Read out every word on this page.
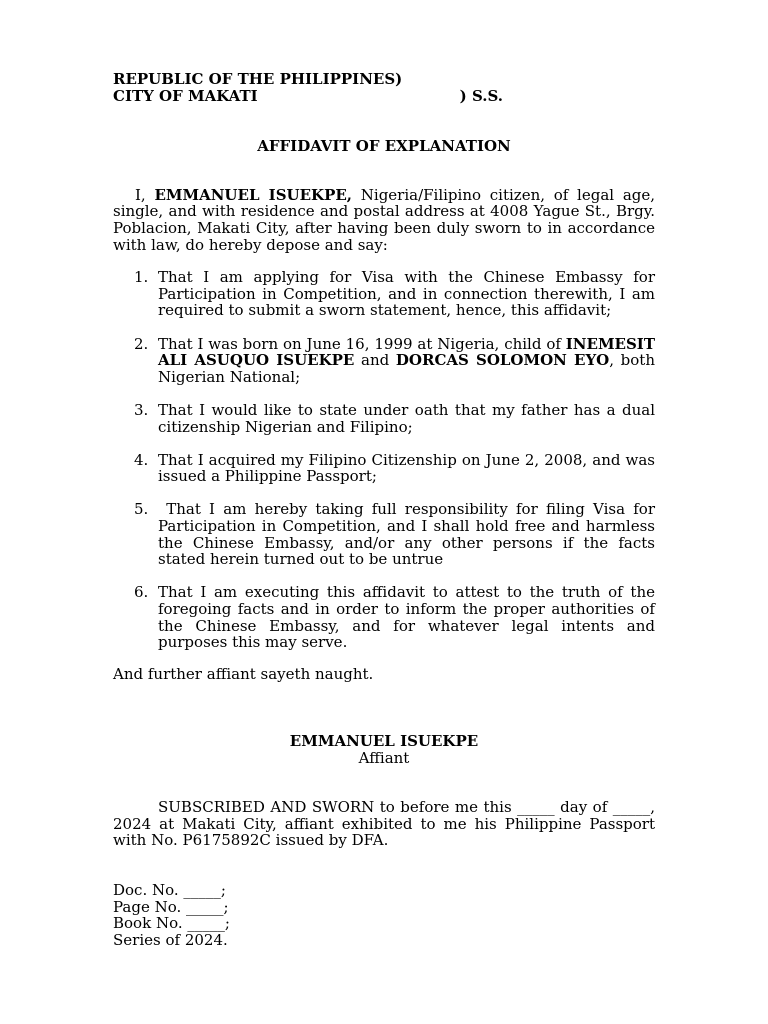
REPUBLIC OF THE PHILIPPINES)
CITY OF MAKATI	) S.S.
AFFIDAVIT OF EXPLANATION
I, EMMANUEL ISUEKPE, Nigeria/Filipino citizen, of legal age, single, and with residence and postal address at 4008 Yague St., Brgy. Poblacion, Makati City, after having been duly sworn to in accordance with law, do hereby depose and say:
1. That I am applying for Visa with the Chinese Embassy for Participation in Competition, and in connection therewith, I am required to submit a sworn statement, hence, this affidavit;
2. That I was born on June 16, 1999 at Nigeria, child of INEMESIT ALI ASUQUO ISUEKPE and DORCAS SOLOMON EYO, both Nigerian National;
3. That I would like to state under oath that my father has a dual citizenship Nigerian and Filipino;
4. That I acquired my Filipino Citizenship on June 2, 2008, and was issued a Philippine Passport;
5. That I am hereby taking full responsibility for filing Visa for Participation in Competition, and I shall hold free and harmless the Chinese Embassy, and/or any other persons if the facts stated herein turned out to be untrue
6. That I am executing this affidavit to attest to the truth of the foregoing facts and in order to inform the proper authorities of the Chinese Embassy, and for whatever legal intents and purposes this may serve.
And further affiant sayeth naught.
EMMANUEL ISUEKPE
Affiant
SUBSCRIBED AND SWORN to before me this _____ day of _____, 2024 at Makati City, affiant exhibited to me his Philippine Passport with No. P6175892C issued by DFA.
Doc. No. _____;
Page No. _____;
Book No. _____;
Series of 2024.
